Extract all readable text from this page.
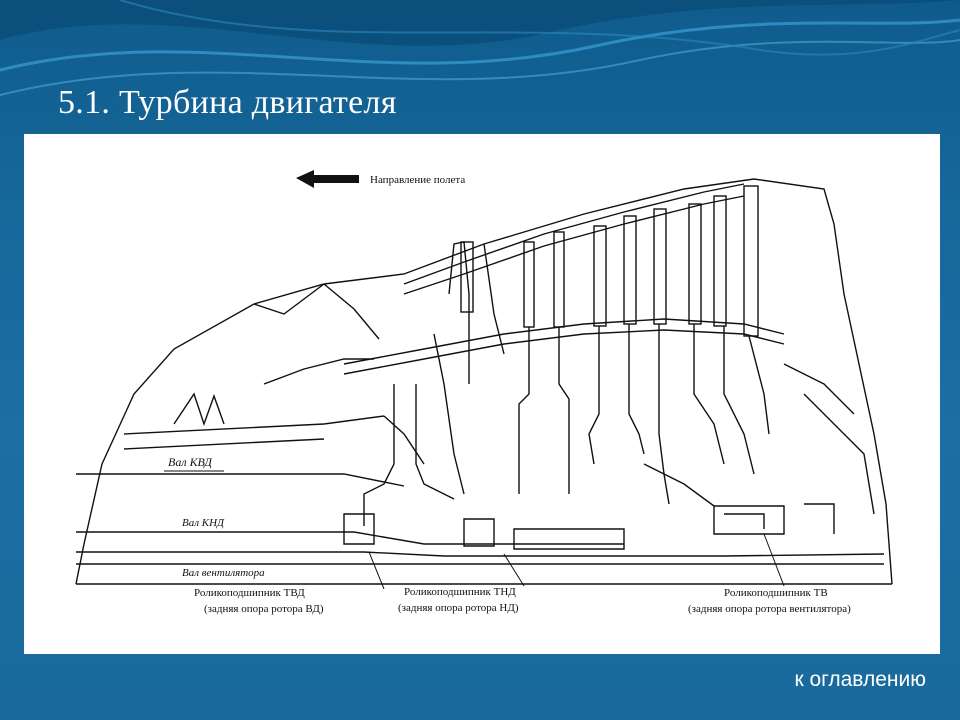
5.1. Турбина двигателя
Направление полета
Вал КВД
Вал КНД
Вал вентилятора
Роликоподшипник ТВД
(задняя опора ротора ВД)
Роликоподшипник ТНД
(задняя опора ротора НД)
Роликоподшипник ТВ
(задняя опора ротора вентилятора)
к оглавлению
